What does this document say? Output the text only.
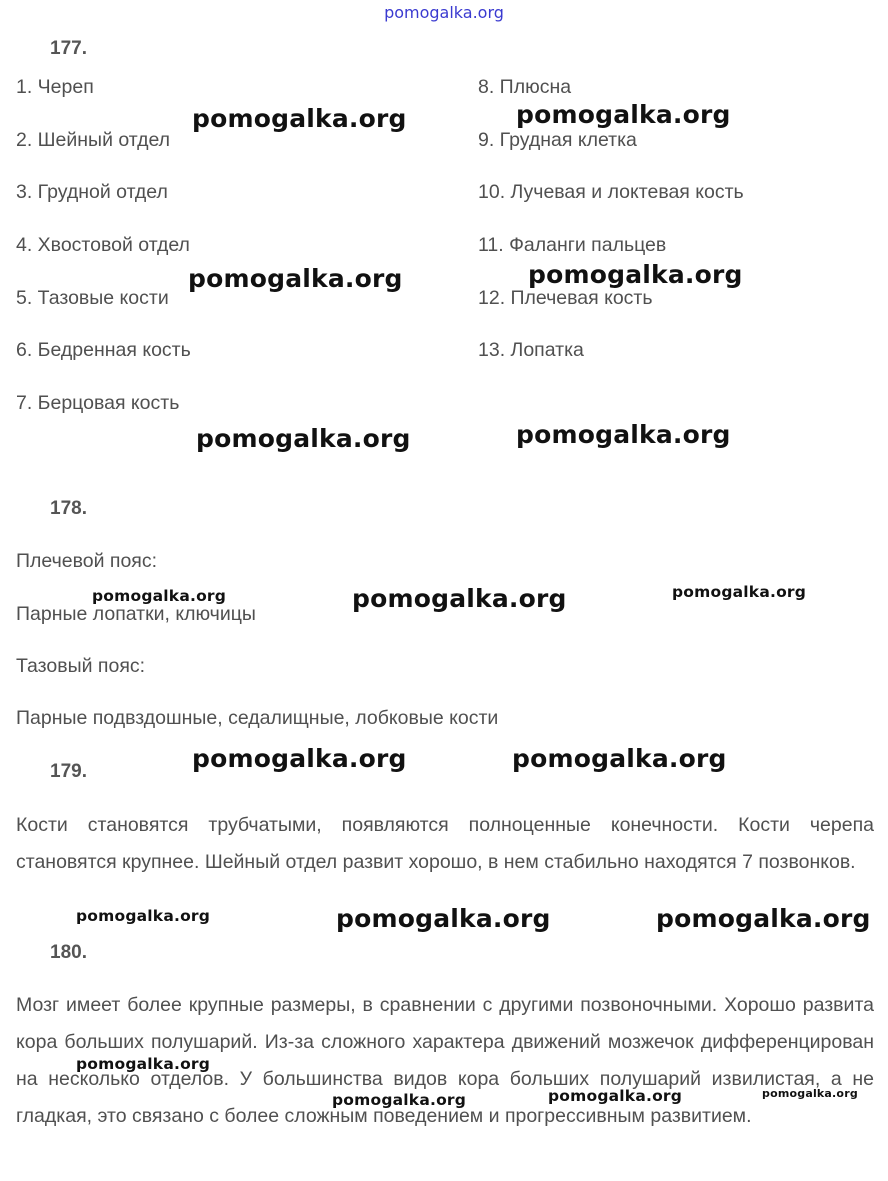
pomogalka.org
177.
1. Череп
2. Шейный отдел
3. Грудной отдел
4. Хвостовой отдел
5. Тазовые кости
6. Бедренная кость
7. Берцовая кость
8. Плюсна
9. Грудная клетка
10. Лучевая и локтевая кость
11. Фаланги пальцев
12. Плечевая кость
13. Лопатка
178.
Плечевой пояс:
Парные лопатки, ключицы
Тазовый пояс:
Парные подвздошные, седалищные, лобковые кости
179.
Кости становятся трубчатыми, появляются полноценные конечности. Кости черепа становятся крупнее. Шейный отдел развит хорошо, в нем стабильно находятся 7 позвонков.
180.
Мозг имеет более крупные размеры, в сравнении с другими позвоночными. Хорошо развита кора больших полушарий. Из-за сложного характера движений мозжечок дифференцирован на несколько отделов. У большинства видов кора больших полушарий извилистая, а не гладкая, это связано с более сложным поведением и прогрессивным развитием.
pomogalka.org	pomogalka.org
pomogalka.org	pomogalka.org
pomogalka.org	pomogalka.org
pomogalka.org	pomogalka.org	pomogalka.org
pomogalka.org	pomogalka.org
pomogalka.org	pomogalka.org	pomogalka.org
pomogalka.org
pomogalka.org	pomogalka.org	pomogalka.org
